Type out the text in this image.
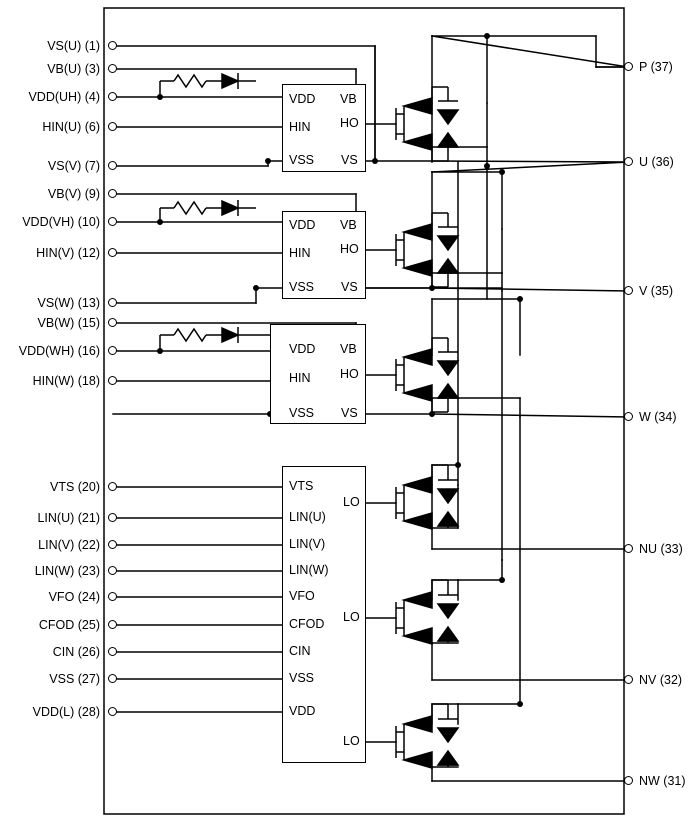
VS(U) (1)
VB(U) (3)
VDD(UH) (4)
HIN(U) (6)
VS(V) (7)
VB(V) (9)
VDD(VH) (10)
HIN(V) (12)
VS(W) (13)
VB(W) (15)
VDD(WH) (16)
HIN(W) (18)
VTS (20)
LIN(U) (21)
LIN(V) (22)
LIN(W) (23)
VFO (24)
CFOD (25)
CIN (26)
VSS (27)
VDD(L) (28)
P (37)
U (36)
V (35)
W (34)
NU (33)
NV (32)
NW (31)
VDD
HIN
VSS
VB
HO
VS
VDD
HIN
VSS
VB
HO
VS
VDD
HIN
VSS
VB
HO
VS
VTS
LIN(U)
LIN(V)
LIN(W)
VFO
CFOD
CIN
VSS
VDD
LO
LO
LO
